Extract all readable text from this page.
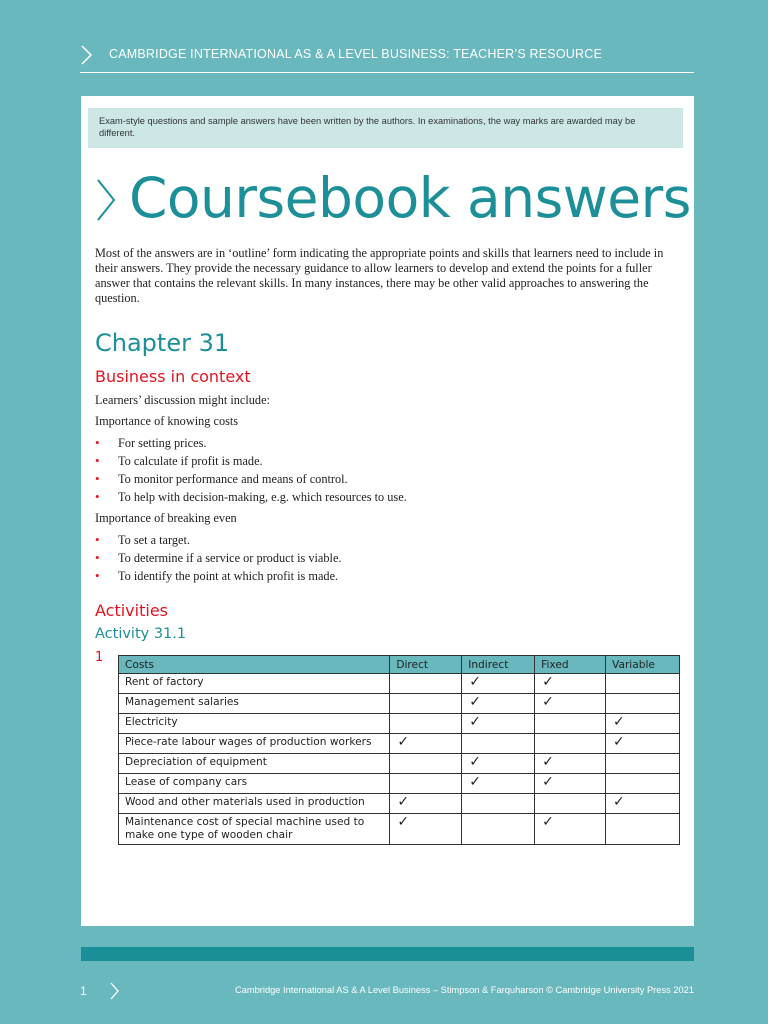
CAMBRIDGE INTERNATIONAL AS & A LEVEL BUSINESS: TEACHER’S RESOURCE

Exam-style questions and sample answers have been written by the authors. In examinations, the way marks are awarded may be different.

Coursebook answers

Most of the answers are in ‘outline’ form indicating the appropriate points and skills that learners need to include in their answers. They provide the necessary guidance to allow learners to develop and extend the points for a fuller answer that contains the relevant skills. In many instances, there may be other valid approaches to answering the question.

Chapter 31
Business in context

Learners’ discussion might include:

Importance of knowing costs

• For setting prices.
• To calculate if profit is made.
• To monitor performance and means of control.
• To help with decision-making, e.g. which resources to use.

Importance of breaking even

• To set a target.
• To determine if a service or product is viable.
• To identify the point at which profit is made.
Activities
Activity 31.1
1 Costs	Direct	Indirect	Fixed	Variable
Rent of factory		✓	✓	
Management salaries		✓	✓	
Electricity		✓		✓
Piece-rate labour wages of production workers	✓			✓
Depreciation of equipment		✓	✓	
Lease of company cars		✓	✓	
Wood and other materials used in production	✓			✓
Maintenance cost of special machine used to make one type of wooden chair	✓		✓	
1	Cambridge International AS & A Level Business – Stimpson & Farquharson © Cambridge University Press 2021
